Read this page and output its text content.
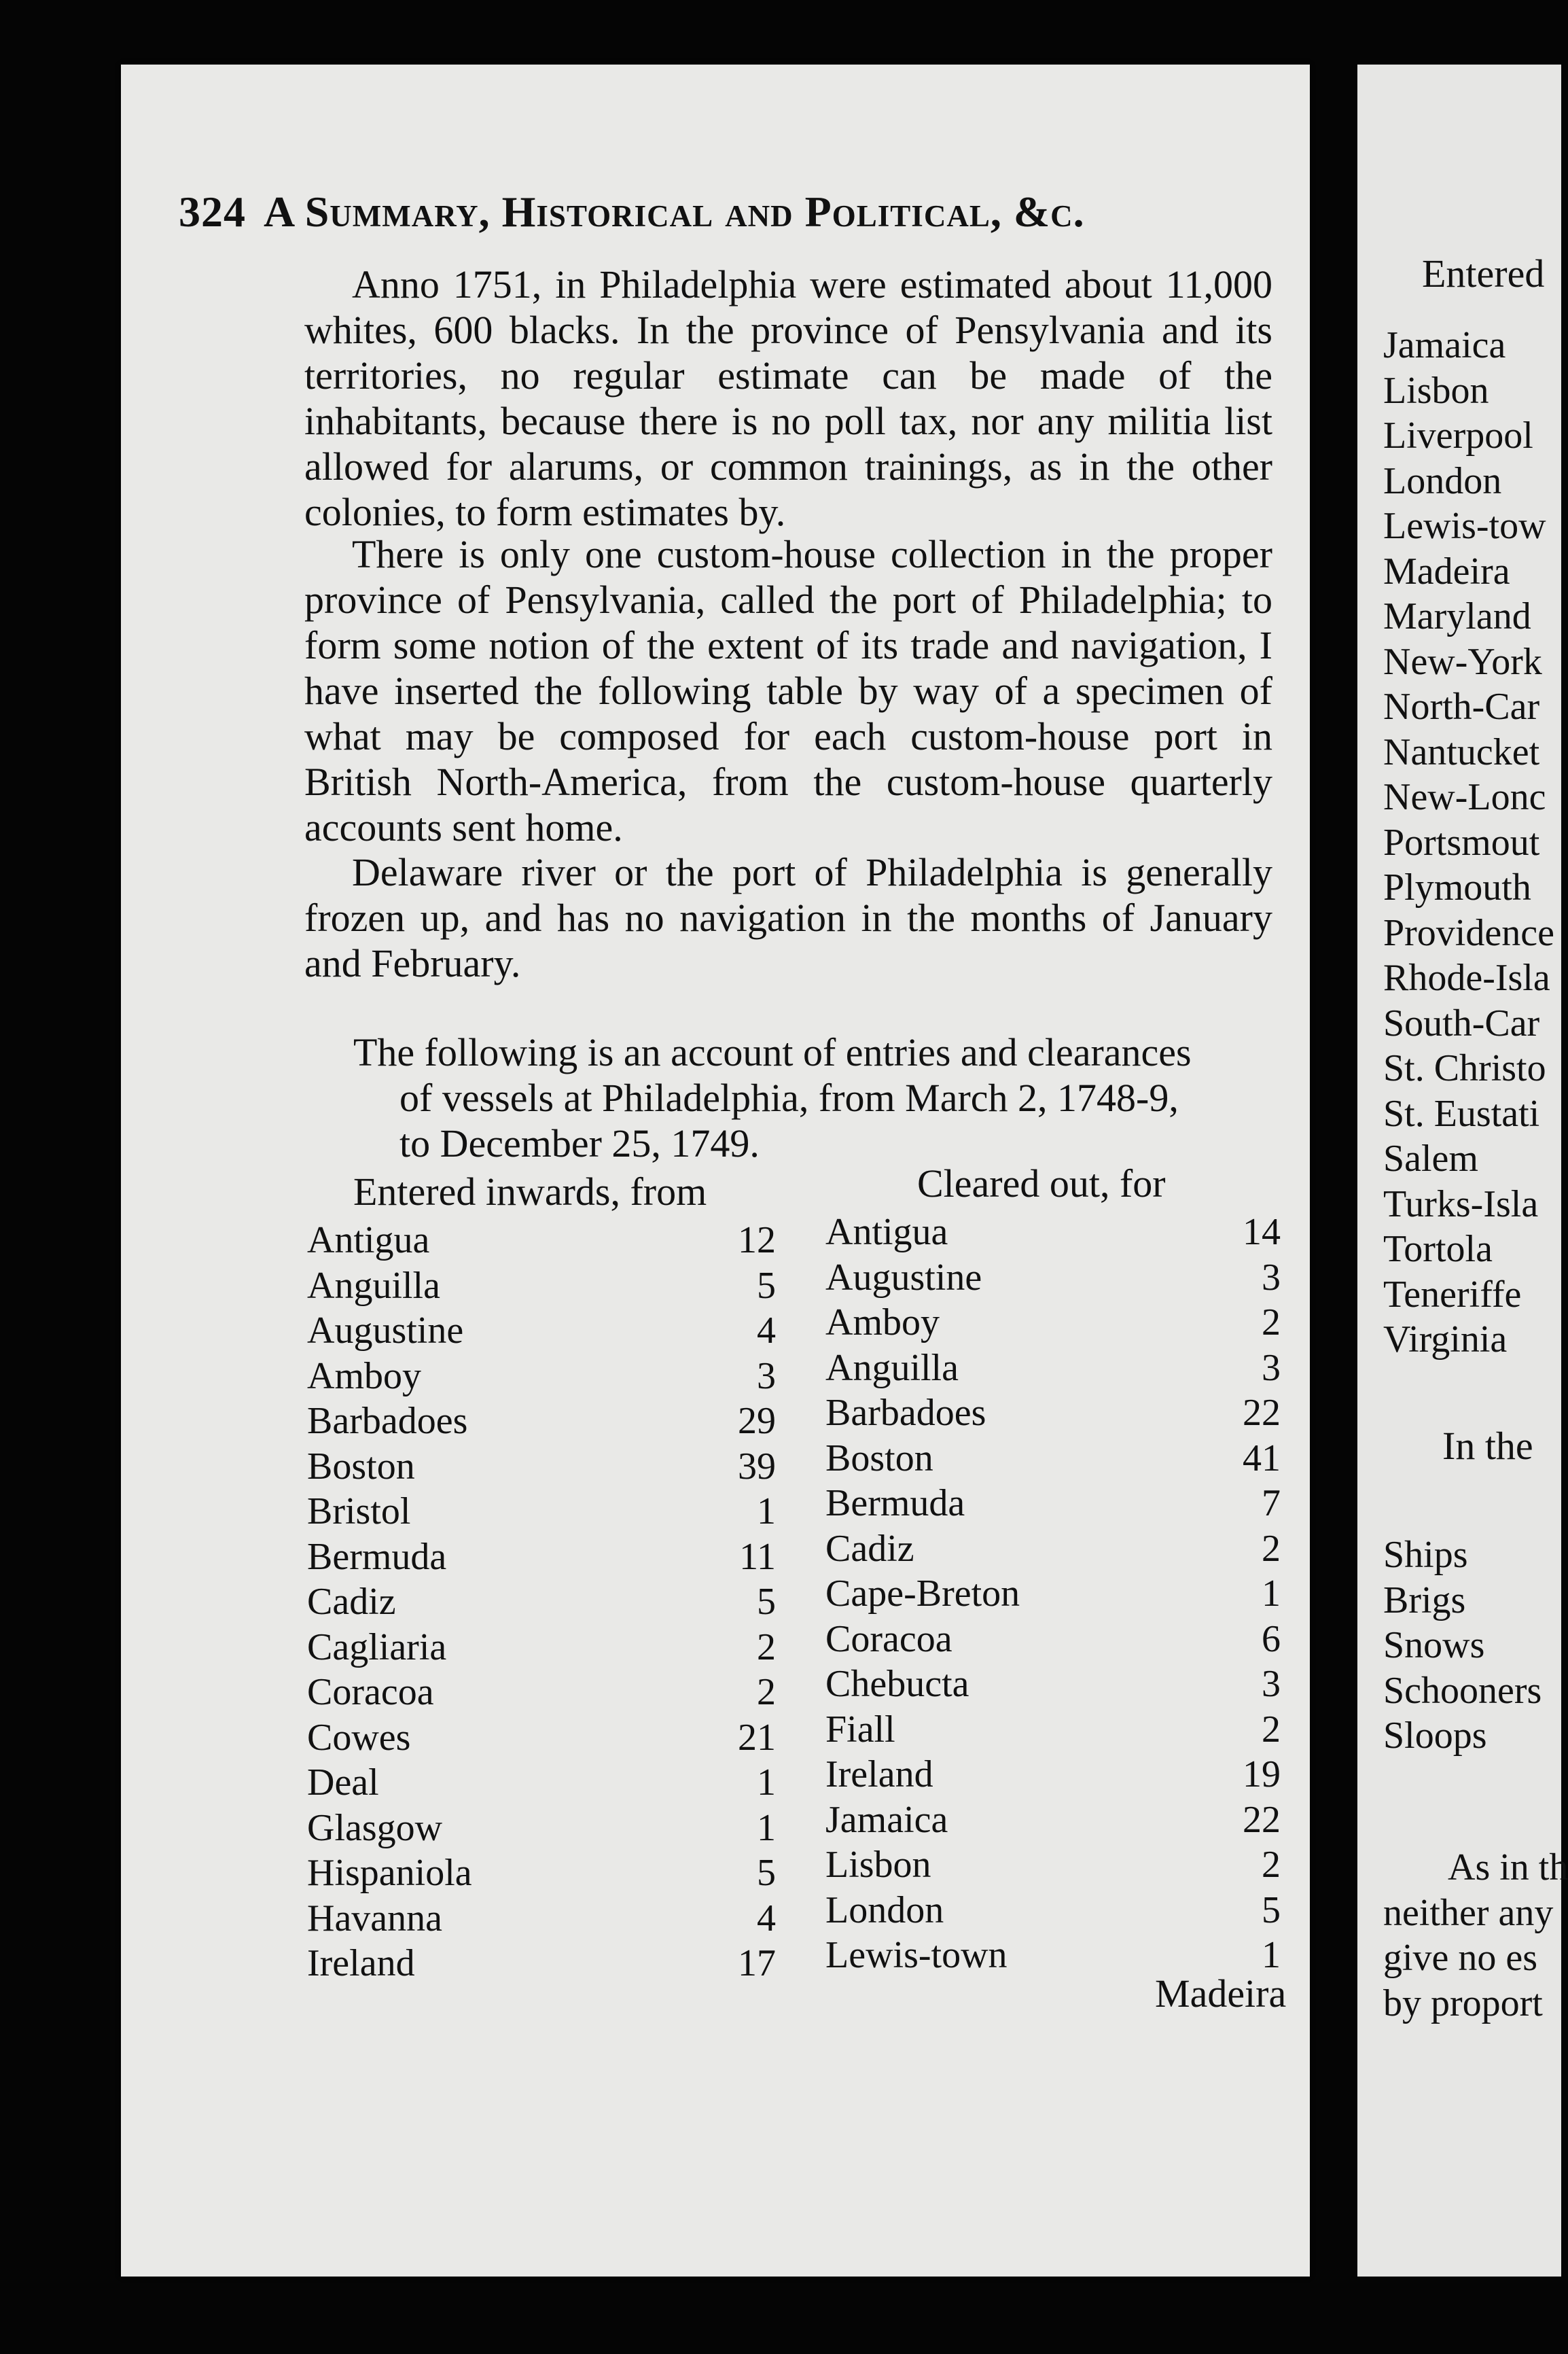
Entered
Jamaica
Lisbon
Liverpool
London
Lewis-tow
Madeira
Maryland
New-York
North-Car
Nantucket
New-Lonc
Portsmout
Plymouth
Providence
Rhode-Isla
South-Car
St. Christo
St. Eustati
Salem
Turks-Isla
Tortola
Teneriffe
Virginia
In the
Ships
Brigs
Snows
Schooners
Sloops
As in th
neither any
give no es
by proport
324 A Summary, Historical and Political, &c.

Anno 1751, in Philadelphia were estimated about 11,000 whites, 600 blacks. In the province of Pensylvania and its territories, no regular estimate can be made of the inhabitants, because there is no poll tax, nor any militia list allowed for alarums, or common trainings, as in the other colonies, to form estimates by.

There is only one custom-house collection in the proper province of Pensylvania, called the port of Philadelphia; to form some notion of the extent of its trade and navigation, I have inserted the following table by way of a specimen of what may be composed for each custom-house port in British North-America, from the custom-house quarterly accounts sent home.

Delaware river or the port of Philadelphia is generally frozen up, and has no navigation in the months of January and February.

The following is an account of entries and clearances
of vessels at Philadelphia, from March 2, 1748-9,
to December 25, 1749.
Entered inwards, from	Cleared out, for
Antigua	12
Anguilla	5
Augustine	4
Amboy	3
Barbadoes	29
Boston	39
Bristol	1
Bermuda	11
Cadiz	5
Cagliaria	2
Coracoa	2
Cowes	21
Deal	1
Glasgow	1
Hispaniola	5
Havanna	4
Ireland	17
Antigua	14
Augustine	3
Amboy	2
Anguilla	3
Barbadoes	22
Boston	41
Bermuda	7
Cadiz	2
Cape-Breton	1
Coracoa	6
Chebucta	3
Fiall	2
Ireland	19
Jamaica	22
Lisbon	2
London	5
Lewis-town	1
Madeira
